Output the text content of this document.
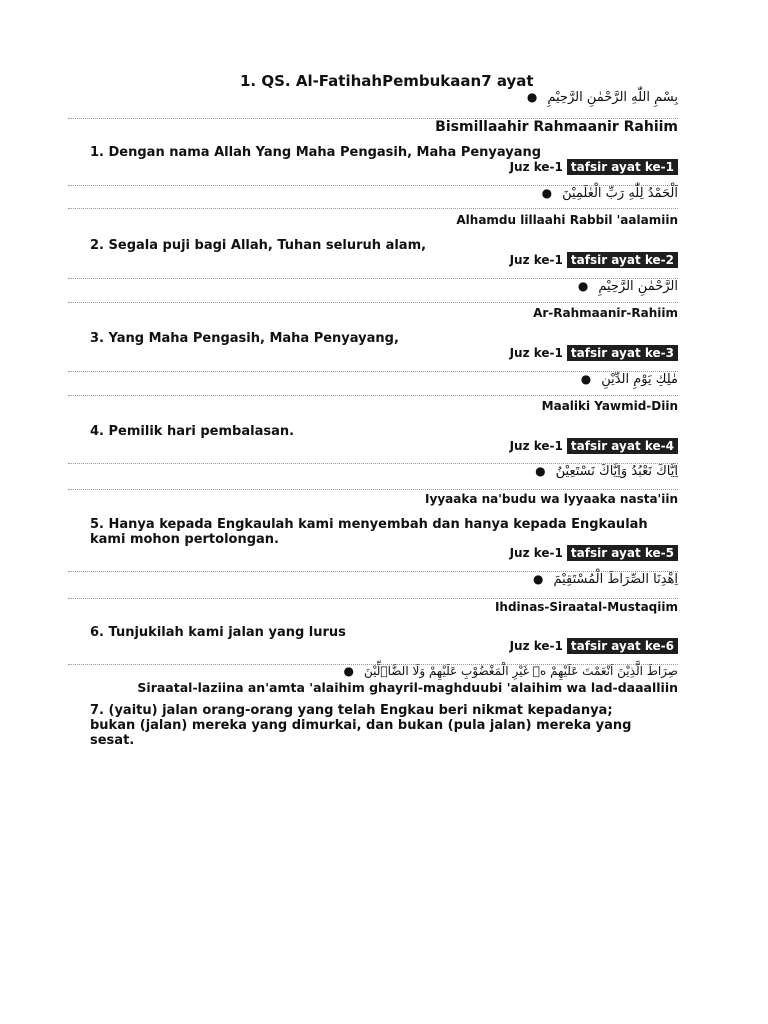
1. QS. Al-FatihahPembukaan7 ayat
بِسْمِ اللّٰهِ الرَّحْمٰنِ الرَّحِيْمِ●
Bismillaahir Rahmaanir Rahiim
1. Dengan nama Allah Yang Maha Pengasih, Maha Penyayang
Juz ke-1 tafsir ayat ke-1
اَلْحَمْدُ لِلّٰهِ رَبِّ الْعٰلَمِيْنَ●
Alhamdu lillaahi Rabbil 'aalamiin
2. Segala puji bagi Allah, Tuhan seluruh alam,
Juz ke-1 tafsir ayat ke-2
الرَّحْمٰنِ الرَّحِيْمِ●
Ar-Rahmaanir-Rahiim
3. Yang Maha Pengasih, Maha Penyayang,
Juz ke-1 tafsir ayat ke-3
مٰلِكِ يَوْمِ الدِّيْنِ●
Maaliki Yawmid-Diin
4. Pemilik hari pembalasan.
Juz ke-1 tafsir ayat ke-4
اِيَّاكَ نَعْبُدُ وَاِيَّاكَ نَسْتَعِيْنُ●
Iyyaaka na'budu wa lyyaaka nasta'iin
5. Hanya kepada Engkaulah kami menyembah dan hanya kepada Engkaulah kami mohon pertolongan.
Juz ke-1 tafsir ayat ke-5
اِهْدِنَا الصِّرَاطَ الْمُسْتَقِيْمَ●
Ihdinas-Siraatal-Mustaqiim
6. Tunjukilah kami jalan yang lurus
Juz ke-1 tafsir ayat ke-6
صِرَاطَ الَّذِيْنَ اَنْعَمْتَ عَلَيْهِمْ ەۙ غَيْرِ الْمَغْضُوْبِ عَلَيْهِمْ وَلَا الضَّاۤلِّيْنَ●
Siraatal-laziina an'amta 'alaihim ghayril-maghduubi 'alaihim wa lad-daaalliin
7. (yaitu) jalan orang-orang yang telah Engkau beri nikmat kepadanya; bukan (jalan) mereka yang dimurkai, dan bukan (pula jalan) mereka yang sesat.
